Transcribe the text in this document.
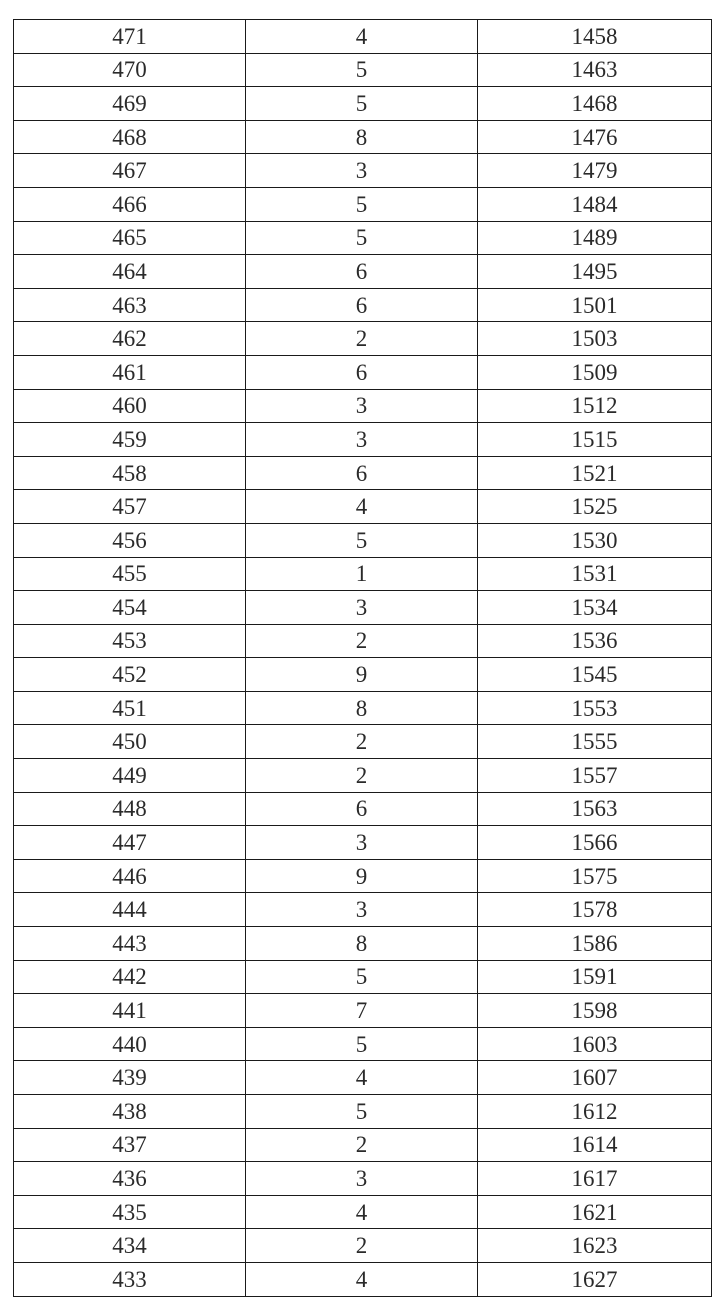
471	4	1458
470	5	1463
469	5	1468
468	8	1476
467	3	1479
466	5	1484
465	5	1489
464	6	1495
463	6	1501
462	2	1503
461	6	1509
460	3	1512
459	3	1515
458	6	1521
457	4	1525
456	5	1530
455	1	1531
454	3	1534
453	2	1536
452	9	1545
451	8	1553
450	2	1555
449	2	1557
448	6	1563
447	3	1566
446	9	1575
444	3	1578
443	8	1586
442	5	1591
441	7	1598
440	5	1603
439	4	1607
438	5	1612
437	2	1614
436	3	1617
435	4	1621
434	2	1623
433	4	1627
